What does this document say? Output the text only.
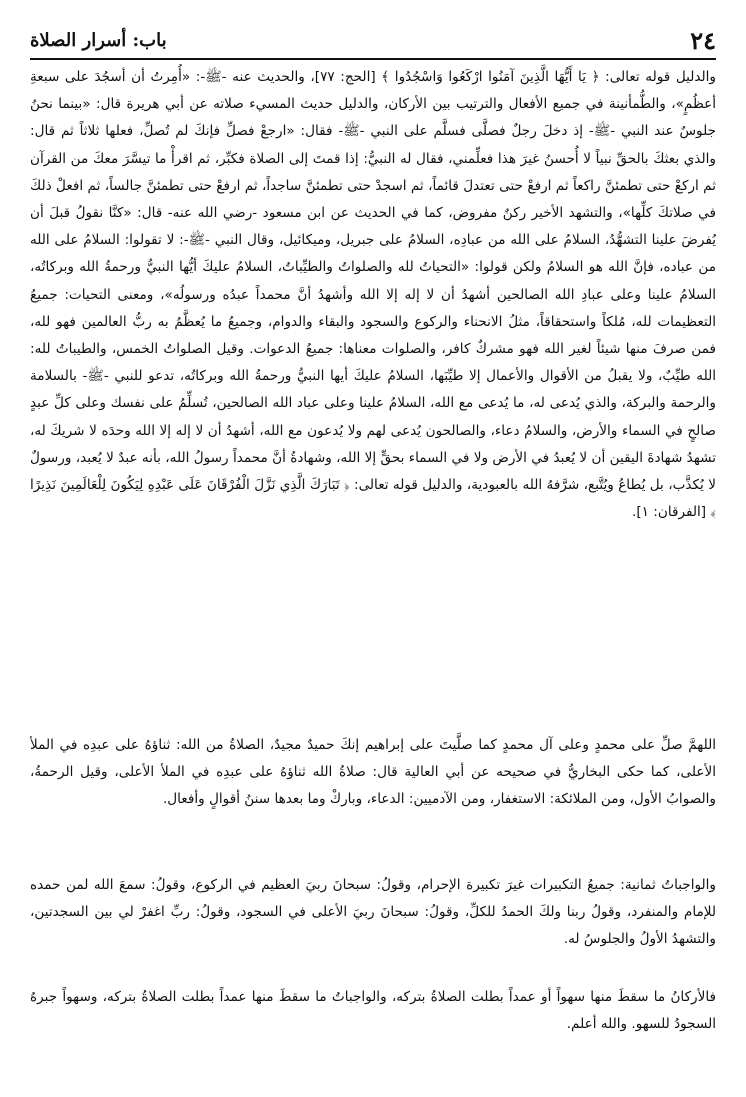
٢٤
باب: أسرار الصلاة

والدليل قوله تعالى: ﴿ يَا أَيُّهَا الَّذِينَ آمَنُوا ارْكَعُوا وَاسْجُدُوا ﴾ [الحج: ٧٧]، والحديث عنه -ﷺ-: «أُمِرتُ أن أسجُدَ على سبعةِ أعظُمٍ»، والطُّمأنينة في جميع الأفعال والترتيب بين الأركان، والدليل حديث المسيء صلاته عن أبي هريرة قال: «بينما نحنُ جلوسٌ عند النبي -ﷺ- إذ دخلَ رجلٌ فصلَّى فسلَّم على النبي -ﷺ- فقال: «ارجعْ فصلِّ فإنكَ لم تُصلِّ، فعلها ثلاثاً ثم قال: والذي بعثكَ بالحقِّ نبياً لا أُحسنُ غيرَ هذا فعلِّمني، فقال له النبيُّ: إذا قمتَ إلى الصلاة فكبِّر، ثم اقرأْ ما تيسَّرَ معكَ من القرآن ثم اركعْ حتى تطمئنَّ راكعاً ثم ارفعْ حتى تعتدلَ قائماً، ثم اسجدْ حتى تطمئنَّ ساجداً، ثم ارفعْ حتى تطمئنَّ جالساً، ثم افعلْ ذلكَ في صلاتكَ كلِّها»، والتشهد الأخير ركنٌ مفروض، كما في الحديث عن ابن مسعود -رضي الله عنه- قال: «كنَّا نقولُ قبلَ أن يُفرضَ علينا التشهُّدُ، السلامُ على الله من عبادِه، السلامُ على جبريل، وميكائيل، وقال النبي -ﷺ-: لا تقولوا: السلامُ على الله من عباده، فإنَّ الله هو السلامُ ولكن قولوا: «التحياتُ لله والصلواتُ والطيِّباتُ، السلامُ عليكَ أيُّها النبيُّ ورحمةُ الله وبركاتُه، السلامُ علينا وعلى عبادِ الله الصالحين أشهدُ أن لا إله إلا الله وأشهدُ أنَّ محمداً عبدُه ورسولُه»، ومعنى التحيات: جميعُ التعظيمات لله، مُلكاً واستحقاقاً، مثلُ الانحناء والركوع والسجود والبقاء والدوام، وجميعُ ما يُعظَّمُ به ربُّ العالمين فهو لله، فمن صرفَ منها شيئاً لغير الله فهو مشركٌ كافر، والصلوات معناها: جميعُ الدعوات. وقيل الصلواتُ الخمس، والطيباتُ لله: الله طيِّبٌ، ولا يقبلُ من الأقوال والأعمال إلا طيِّبَها، السلامُ عليكَ أيها النبيُّ ورحمةُ الله وبركاتُه، تدعو للنبي -ﷺ- بالسلامة والرحمة والبركة، والذي يُدعى له، ما يُدعى مع الله، السلامُ علينا وعلى عباد الله الصالحين، تُسلِّمُ على نفسك وعلى كلِّ عبدٍ صالحٍ في السماء والأرض، والسلامُ دعاء، والصالحون يُدعى لهم ولا يُدعون مع الله، أشهدُ أن لا إله إلا الله وحدَه لا شريكَ له، تشهدُ شهادةَ اليقين أن لا يُعبدُ في الأرض ولا في السماء بحقٍّ إلا الله، وشهادةُ أنَّ محمداً رسولُ الله، بأنه عبدٌ لا يُعبد، ورسولٌ لا يُكذَّب، بل يُطاعُ ويُتَّبع، شرَّفهُ الله بالعبودية، والدليل قوله تعالى: ﴿ تَبَارَكَ الَّذِي نَزَّلَ الْفُرْقَانَ عَلَى عَبْدِهِ لِيَكُونَ لِلْعَالَمِينَ نَذِيرًا ﴾ [الفرقان: ١].

اللهمَّ صلِّ على محمدٍ وعلى آل محمدٍ كما صلَّيتَ على إبراهيم إنكَ حميدٌ مجيدٌ، الصلاةُ من الله: ثناؤهُ على عبدِه في الملأ الأعلى، كما حكى البخاريُّ في صحيحه عن أبي العالية قال: صلاةُ الله ثناؤهُ على عبدِه في الملأ الأعلى، وقيل الرحمةُ، والصوابُ الأول، ومن الملائكة: الاستغفار، ومن الآدميين: الدعاء، وباركْ وما بعدها سننُ أقوالٍ وأفعال.

والواجباتُ ثمانية: جميعُ التكبيرات غيرَ تكبيرة الإحرام، وقولُ: سبحانَ ربيَ العظيم في الركوع، وقولُ: سمعَ الله لمن حمده للإمام والمنفرد، وقولُ ربنا ولكَ الحمدُ للكلِّ، وقولُ: سبحانَ ربيَ الأعلى في السجود، وقولُ: ربِّ اغفرْ لي بين السجدتين، والتشهدُ الأولُ والجلوسُ له.

فالأركانُ ما سقطَ منها سهواً أو عمداً بطلت الصلاةُ بتركه، والواجباتُ ما سقطَ منها عمداً بطلت الصلاةُ بتركه، وسهواً جبرهُ السجودُ للسهو. والله أعلم.
